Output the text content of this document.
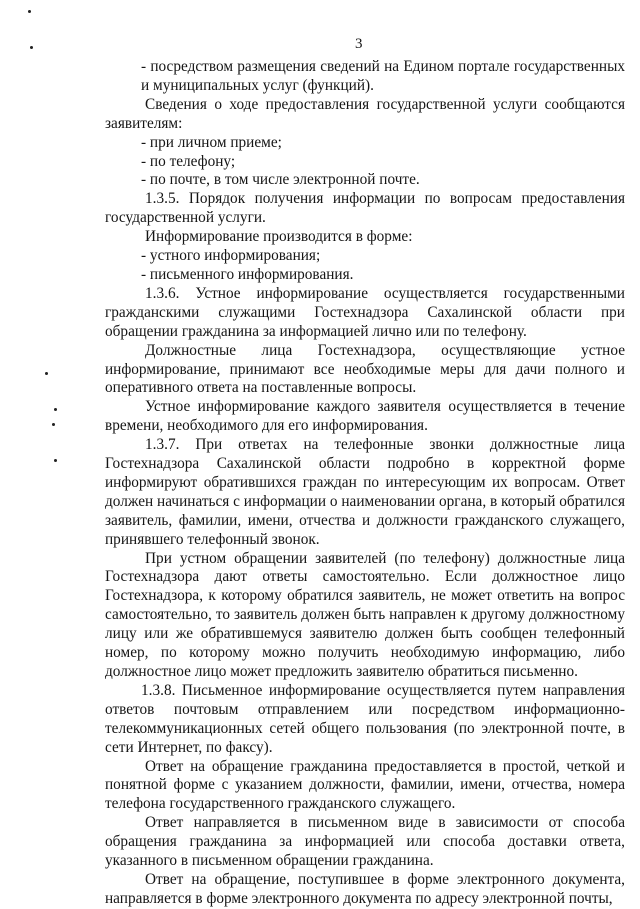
3

- посредством размещения сведений на Едином портале государственных и муниципальных услуг (функций).

Сведения о ходе предоставления государственной услуги сообщаются заявителям:

- при личном приеме;

- по телефону;

- по почте, в том числе электронной почте.

1.3.5. Порядок получения информации по вопросам предоставления государственной услуги.

Информирование производится в форме:

- устного информирования;

- письменного информирования.

1.3.6. Устное информирование осуществляется государственными гражданскими служащими Гостехнадзора Сахалинской области при обращении гражданина за информацией лично или по телефону.

Должностные лица Гостехнадзора, осуществляющие устное информирование, принимают все необходимые меры для дачи полного и оперативного ответа на поставленные вопросы.

Устное информирование каждого заявителя осуществляется в течение времени, необходимого для его информирования.

1.3.7. При ответах на телефонные звонки должностные лица Гостехнадзора Сахалинской области подробно в корректной форме информируют обратившихся граждан по интересующим их вопросам. Ответ должен начинаться с информации о наименовании органа, в который обратился заявитель, фамилии, имени, отчества и должности гражданского служащего, принявшего телефонный звонок.

При устном обращении заявителей (по телефону) должностные лица Гостехнадзора дают ответы самостоятельно. Если должностное лицо Гостехнадзора, к которому обратился заявитель, не может ответить на вопрос самостоятельно, то заявитель должен быть направлен к другому должностному лицу или же обратившемуся заявителю должен быть сообщен телефонный номер, по которому можно получить необходимую информацию, либо должностное лицо может предложить заявителю обратиться письменно.

1.3.8. Письменное информирование осуществляется путем направления ответов почтовым отправлением или посредством информационно-телекоммуникационных сетей общего пользования (по электронной почте, в сети Интернет, по факсу).

Ответ на обращение гражданина предоставляется в простой, четкой и понятной форме с указанием должности, фамилии, имени, отчества, номера телефона государственного гражданского служащего.

Ответ направляется в письменном виде в зависимости от способа обращения гражданина за информацией или способа доставки ответа, указанного в письменном обращении гражданина.

Ответ на обращение, поступившее в форме электронного документа, направляется в форме электронного документа по адресу электронной почты,
